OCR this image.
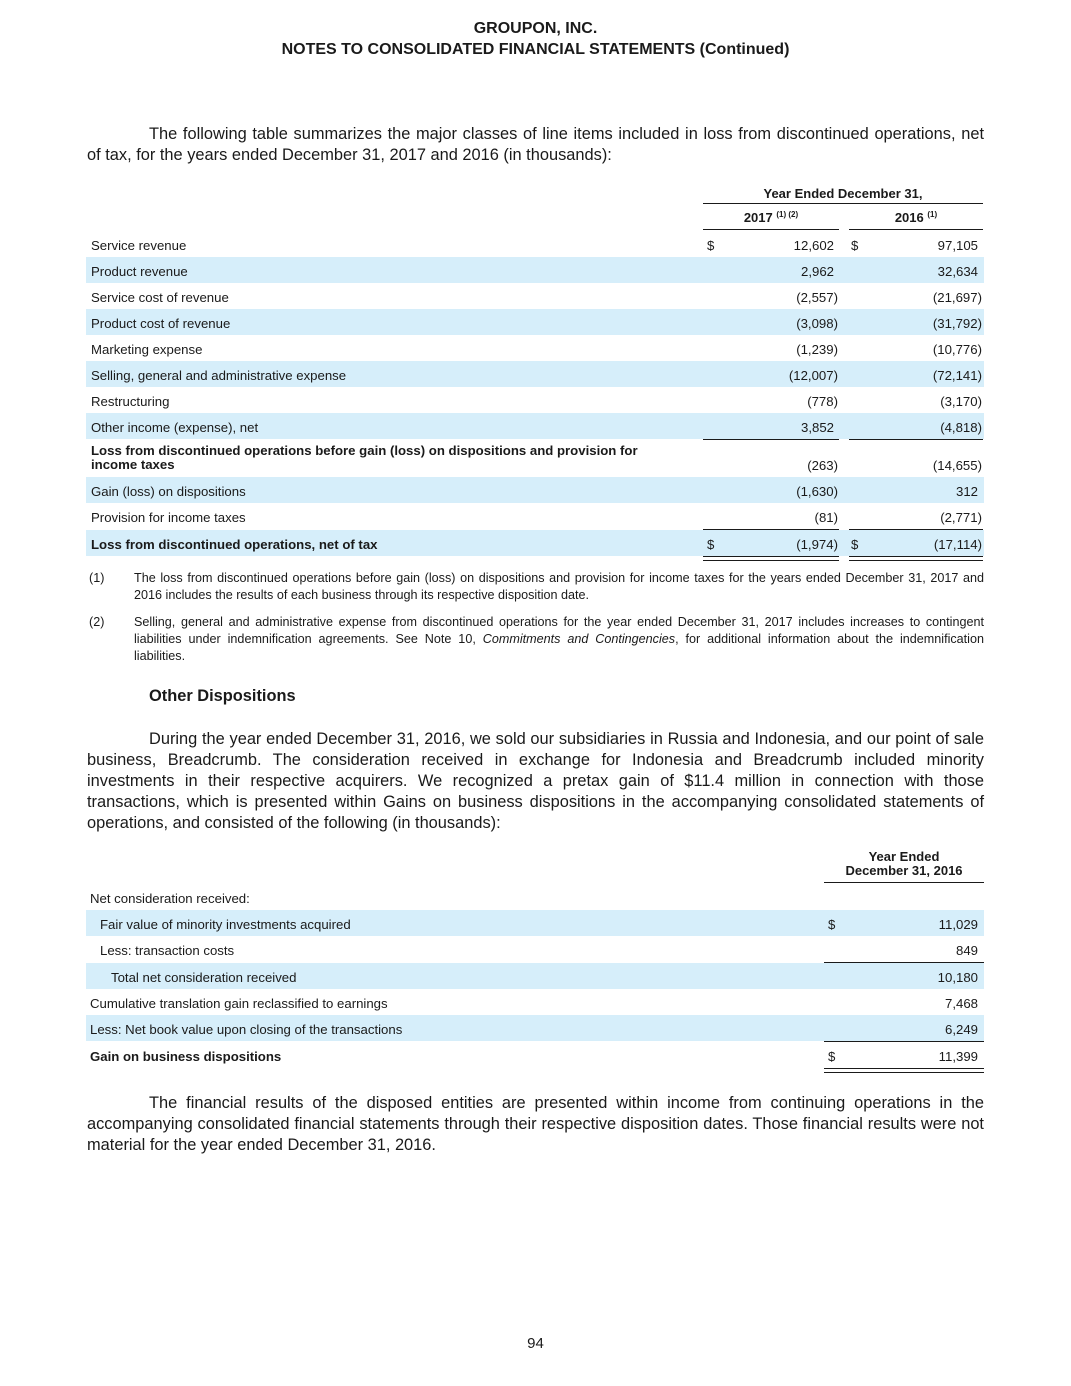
GROUPON, INC.
NOTES TO CONSOLIDATED FINANCIAL STATEMENTS (Continued)

The following table summarizes the major classes of line items included in loss from discontinued operations, net of tax, for the years ended December 31, 2017 and 2016 (in thousands):

Year Ended December 31,
2017 $^{(1) (2)}$	2016 $^{(1)}$
Service revenue	$	12,602 $	97,105
Product revenue	2,962	32,634
Service cost of revenue	(2,557)	(21,697)
Product cost of revenue	(3,098)	(31,792)
Marketing expense	(1,239)	(10,776)
Selling, general and administrative expense	(12,007)	(72,141)
Restructuring	(778)	(3,170)
Other income (expense), net	3,852	(4,818)
Loss from discontinued operations before gain (loss) on dispositions and provision for
income taxes	(263)	(14,655)
Gain (loss) on dispositions	(1,630)	312
Provision for income taxes	(81)	(2,771)
Loss from discontinued operations, net of tax	$	(1,974) $	(17,114)
(1) The loss from discontinued operations before gain (loss) on dispositions and provision for income taxes for the years ended December 31, 2017 and 2016 includes the results of each business through its respective disposition date.
(2) Selling, general and administrative expense from discontinued operations for the year ended December 31, 2017 includes increases to contingent liabilities under indemnification agreements. See Note 10, Commitments and Contingencies, for additional information about the indemnification liabilities.
Other Dispositions

During the year ended December 31, 2016, we sold our subsidiaries in Russia and Indonesia, and our point of sale business, Breadcrumb. The consideration received in exchange for Indonesia and Breadcrumb included minority investments in their respective acquirers. We recognized a pretax gain of $11.4 million in connection with those transactions, which is presented within Gains on business dispositions in the accompanying consolidated statements of operations, and consisted of the following (in thousands):

Year Ended
December 31, 2016
Net consideration received:
Fair value of minority investments acquired	$	11,029
Less: transaction costs	849
Total net consideration received	10,180
Cumulative translation gain reclassified to earnings	7,468
Less: Net book value upon closing of the transactions	6,249
Gain on business dispositions	$	11,399

The financial results of the disposed entities are presented within income from continuing operations in the accompanying consolidated financial statements through their respective disposition dates. Those financial results were not material for the year ended December 31, 2016.

94
